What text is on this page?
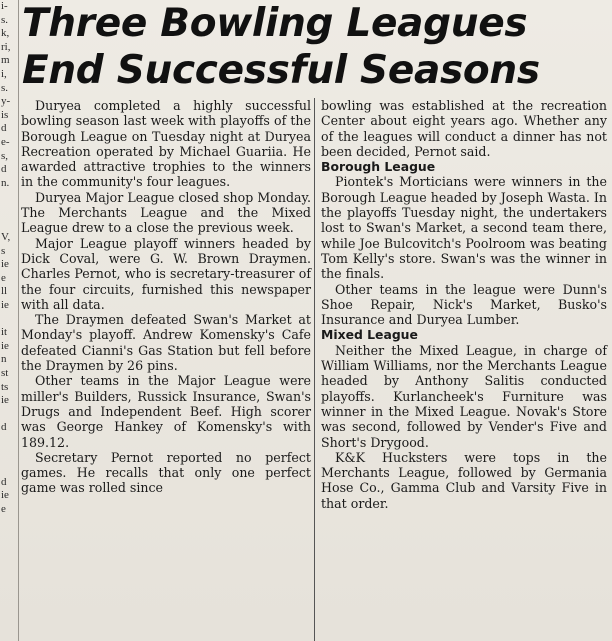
i-
s.
k,
ri,
m
i,
s.
y-
is
d
e-
s,
d
n.

V,
s
ie
e
ll
ie

it
ie
n
st
ts
ie

d

d
ie
e

Three Bowling Leagues
End Successful Seasons

Duryea completed a highly successful bowling season last week with playoffs of the Borough League on Tuesday night at Duryea Recreation operated by Michael Guariia. He awarded attractive trophies to the winners in the community's four leagues.

Duryea Major League closed shop Monday. The Merchants League and the Mixed League drew to a close the previous week.

Major League playoff winners headed by Dick Coval, were G. W. Brown Draymen. Charles Pernot, who is secretary-treasurer of the four circuits, furnished this newspaper with all data.

The Draymen defeated Swan's Market at Monday's playoff. Andrew Komensky's Cafe defeated Cianni's Gas Station but fell before the Draymen by 26 pins.

Other teams in the Major League were miller's Builders, Russick Insurance, Swan's Drugs and Independent Beef. High scorer was George Hankey of Komensky's with 189.12.

Secretary Pernot reported no perfect games. He recalls that only one perfect game was rolled since

bowling was established at the recreation Center about eight years ago. Whether any of the leagues will conduct a dinner has not been decided, Pernot said.

Borough League

Piontek's Morticians were winners in the Borough League headed by Joseph Wasta. In the playoffs Tuesday night, the undertakers lost to Swan's Market, a second team there, while Joe Bulcovitch's Poolroom was beating Tom Kelly's store. Swan's was the winner in the finals.

Other teams in the league were Dunn's Shoe Repair, Nick's Market, Busko's Insurance and Duryea Lumber.

Mixed League

Neither the Mixed League, in charge of William Williams, nor the Merchants League headed by Anthony Salitis conducted playoffs. Kurlancheek's Furniture was winner in the Mixed League. Novak's Store was second, followed by Vender's Five and Short's Drygood.

K&K Hucksters were tops in the Merchants League, followed by Germania Hose Co., Gamma Club and Varsity Five in that order.
